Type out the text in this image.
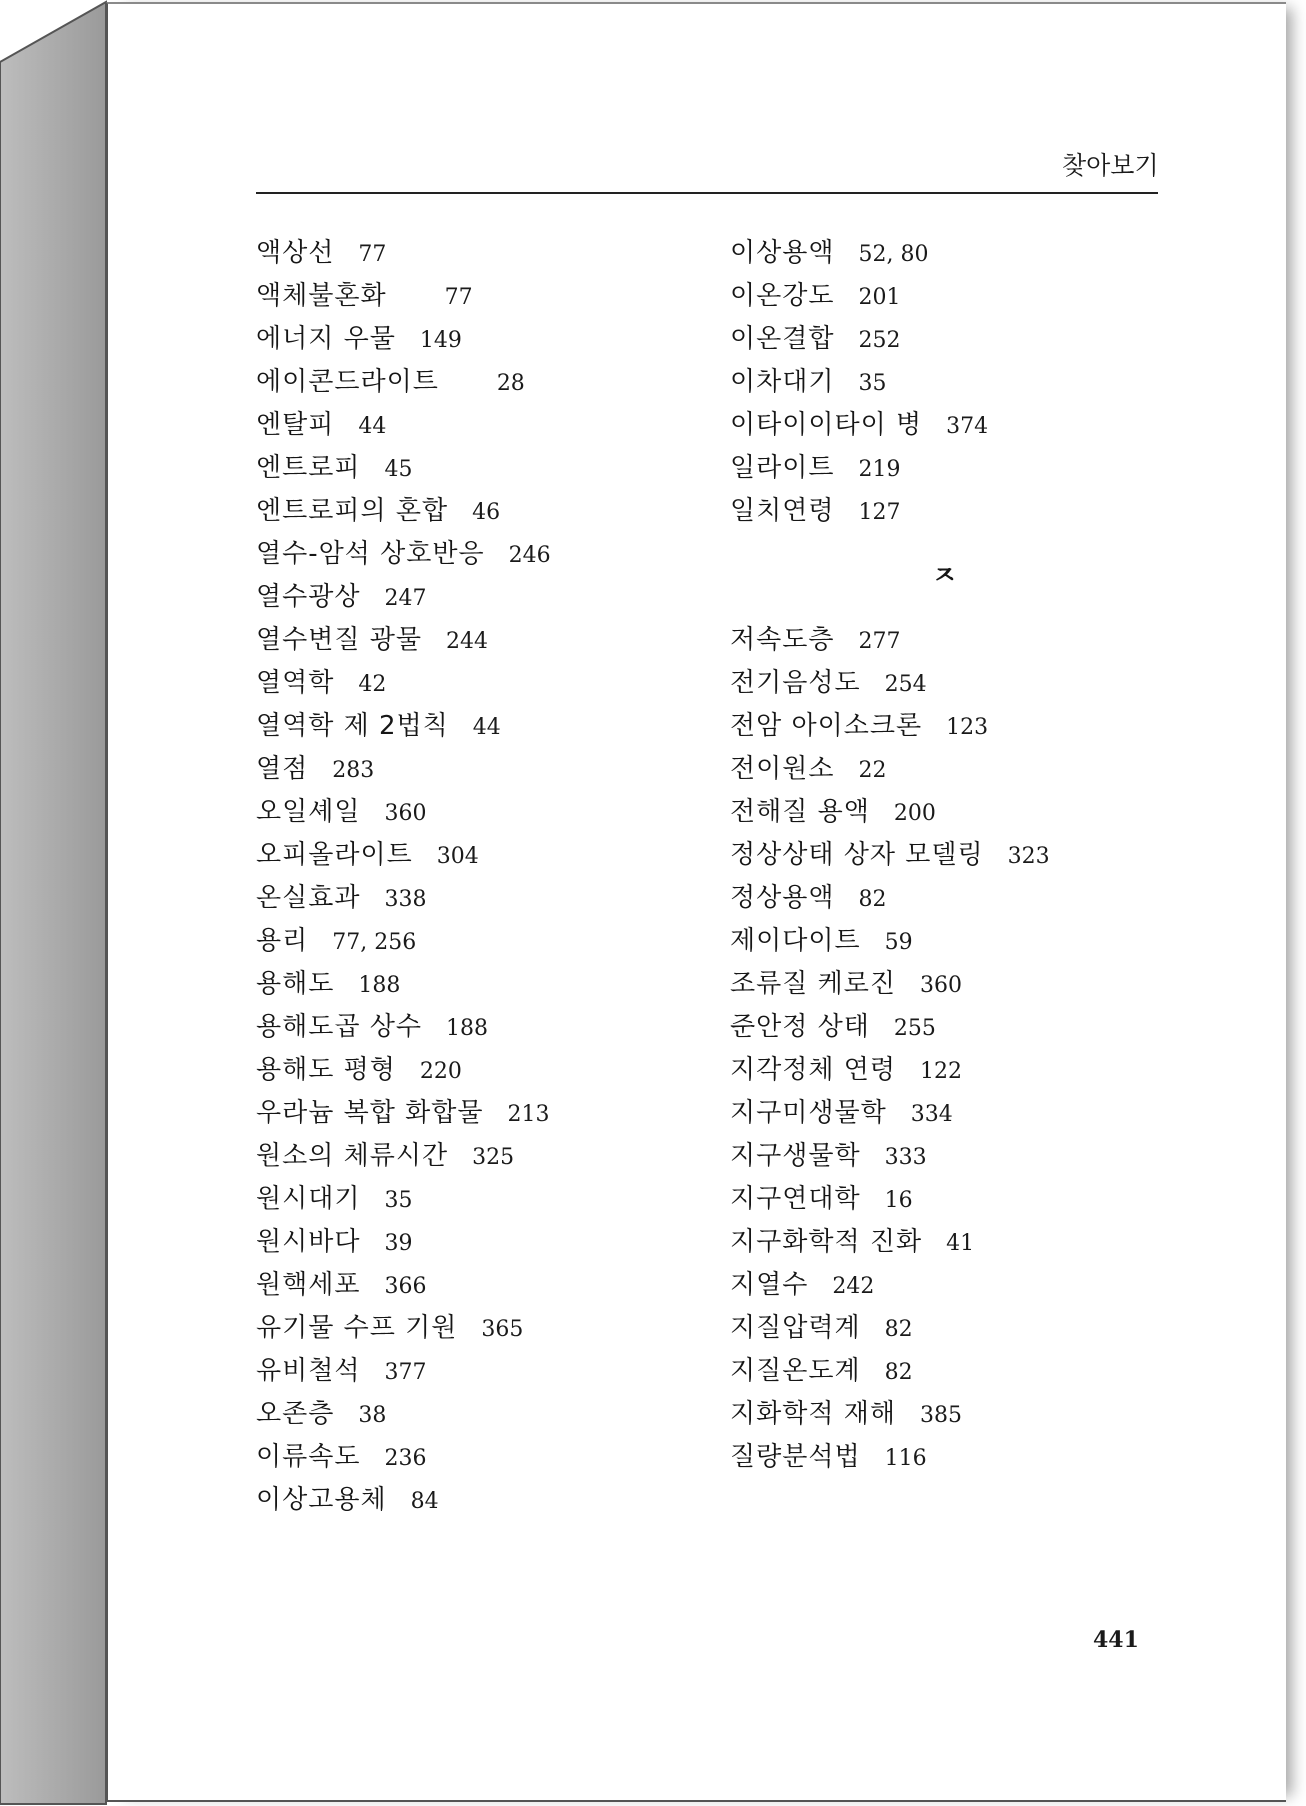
찾아보기
액상선 77
액체불혼화	77
에너지 우물 149
에이콘드라이트	28
엔탈피 44
엔트로피 45
엔트로피의 혼합 46
열수-암석 상호반응 246
열수광상 247
열수변질 광물 244
열역학 42
열역학 제 2법칙 44
열점 283
오일셰일 360
오피올라이트 304
온실효과 338
용리 77, 256
용해도 188
용해도곱 상수 188
용해도 평형 220
우라늄 복합 화합물 213
원소의 체류시간 325
원시대기 35
원시바다 39
원핵세포 366
유기물 수프 기원 365
유비철석 377
오존층 38
이류속도 236
이상고용체 84
이상용액 52, 80
이온강도 201
이온결합 252
이차대기 35
이타이이타이 병 374
일라이트 219
일치연령 127
ㅈ
저속도층 277
전기음성도 254
전암 아이소크론 123
전이원소 22
전해질 용액 200
정상상태 상자 모델링 323
정상용액 82
제이다이트 59
조류질 케로진 360
준안정 상태 255
지각정체 연령 122
지구미생물학 334
지구생물학 333
지구연대학 16
지구화학적 진화 41
지열수 242
지질압력계 82
지질온도계 82
지화학적 재해 385
질량분석법 116
441
